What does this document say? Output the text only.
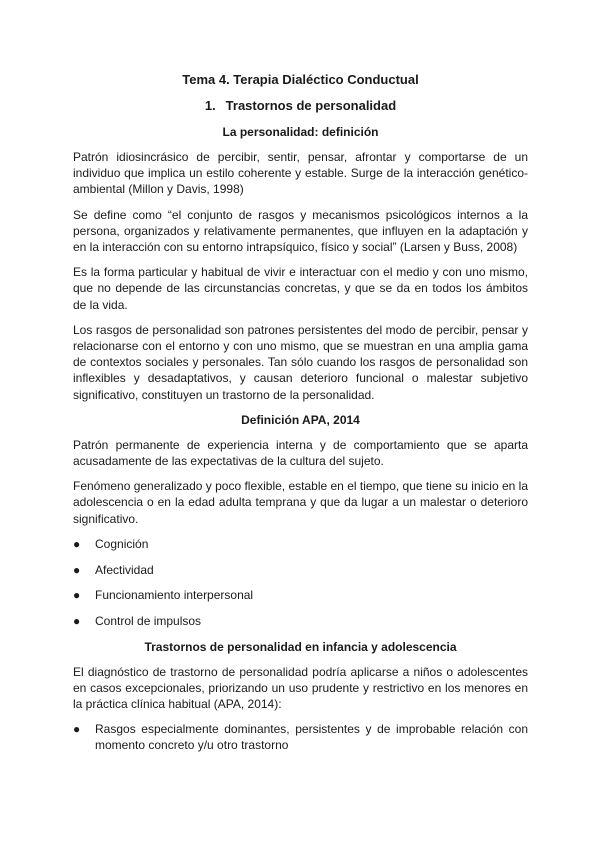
Tema 4. Terapia Dialéctico Conductual
1. Trastornos de personalidad
La personalidad: definición

Patrón idiosincrásico de percibir, sentir, pensar, afrontar y comportarse de un individuo que implica un estilo coherente y estable. Surge de la interacción genético-ambiental (Millon y Davis, 1998)

Se define como “el conjunto de rasgos y mecanismos psicológicos internos a la persona, organizados y relativamente permanentes, que influyen en la adaptación y en la interacción con su entorno intrapsíquico, físico y social” (Larsen y Buss, 2008)

Es la forma particular y habitual de vivir e interactuar con el medio y con uno mismo, que no depende de las circunstancias concretas, y que se da en todos los ámbitos de la vida.

Los rasgos de personalidad son patrones persistentes del modo de percibir, pensar y relacionarse con el entorno y con uno mismo, que se muestran en una amplia gama de contextos sociales y personales. Tan sólo cuando los rasgos de personalidad son inflexibles y desadaptativos, y causan deterioro funcional o malestar subjetivo significativo, constituyen un trastorno de la personalidad.

Definición APA, 2014

Patrón permanente de experiencia interna y de comportamiento que se aparta acusadamente de las expectativas de la cultura del sujeto.

Fenómeno generalizado y poco flexible, estable en el tiempo, que tiene su inicio en la adolescencia o en la edad adulta temprana y que da lugar a un malestar o deterioro significativo.

● Cognición
● Afectividad
● Funcionamiento interpersonal
● Control de impulsos
Trastornos de personalidad en infancia y adolescencia

El diagnóstico de trastorno de personalidad podría aplicarse a niños o adolescentes en casos excepcionales, priorizando un uso prudente y restrictivo en los menores en la práctica clínica habitual (APA, 2014):

● Rasgos especialmente dominantes, persistentes y de improbable relación con momento concreto y/u otro trastorno
